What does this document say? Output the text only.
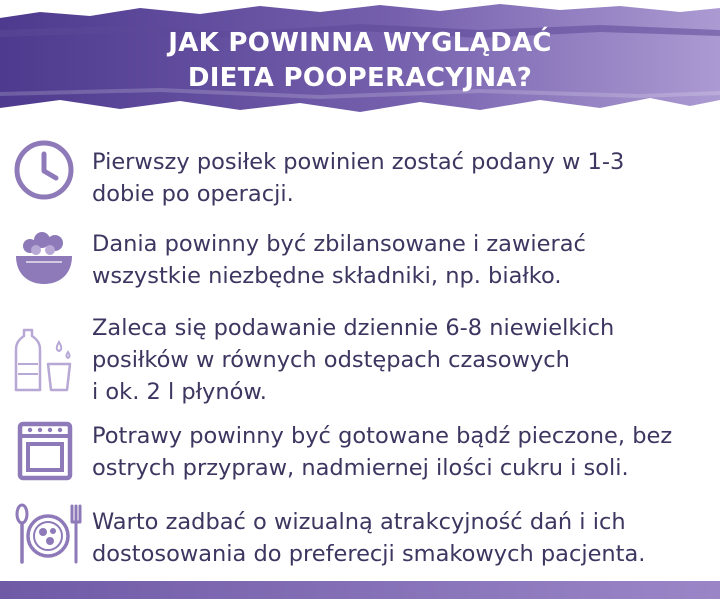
JAK POWINNA WYGLĄDAĆ
DIETA POOPERACYJNA?
Pierwszy posiłek powinien zostać podany w 1-3
dobie po operacji.
Dania powinny być zbilansowane i zawierać
wszystkie niezbędne składniki, np. białko.
Zaleca się podawanie dziennie 6-8 niewielkich
posiłków w równych odstępach czasowych
i ok. 2 l płynów.
Potrawy powinny być gotowane bądź pieczone, bez
ostrych przypraw, nadmiernej ilości cukru i soli.
Warto zadbać o wizualną atrakcyjność dań i ich
dostosowania do preferecji smakowych pacjenta.
